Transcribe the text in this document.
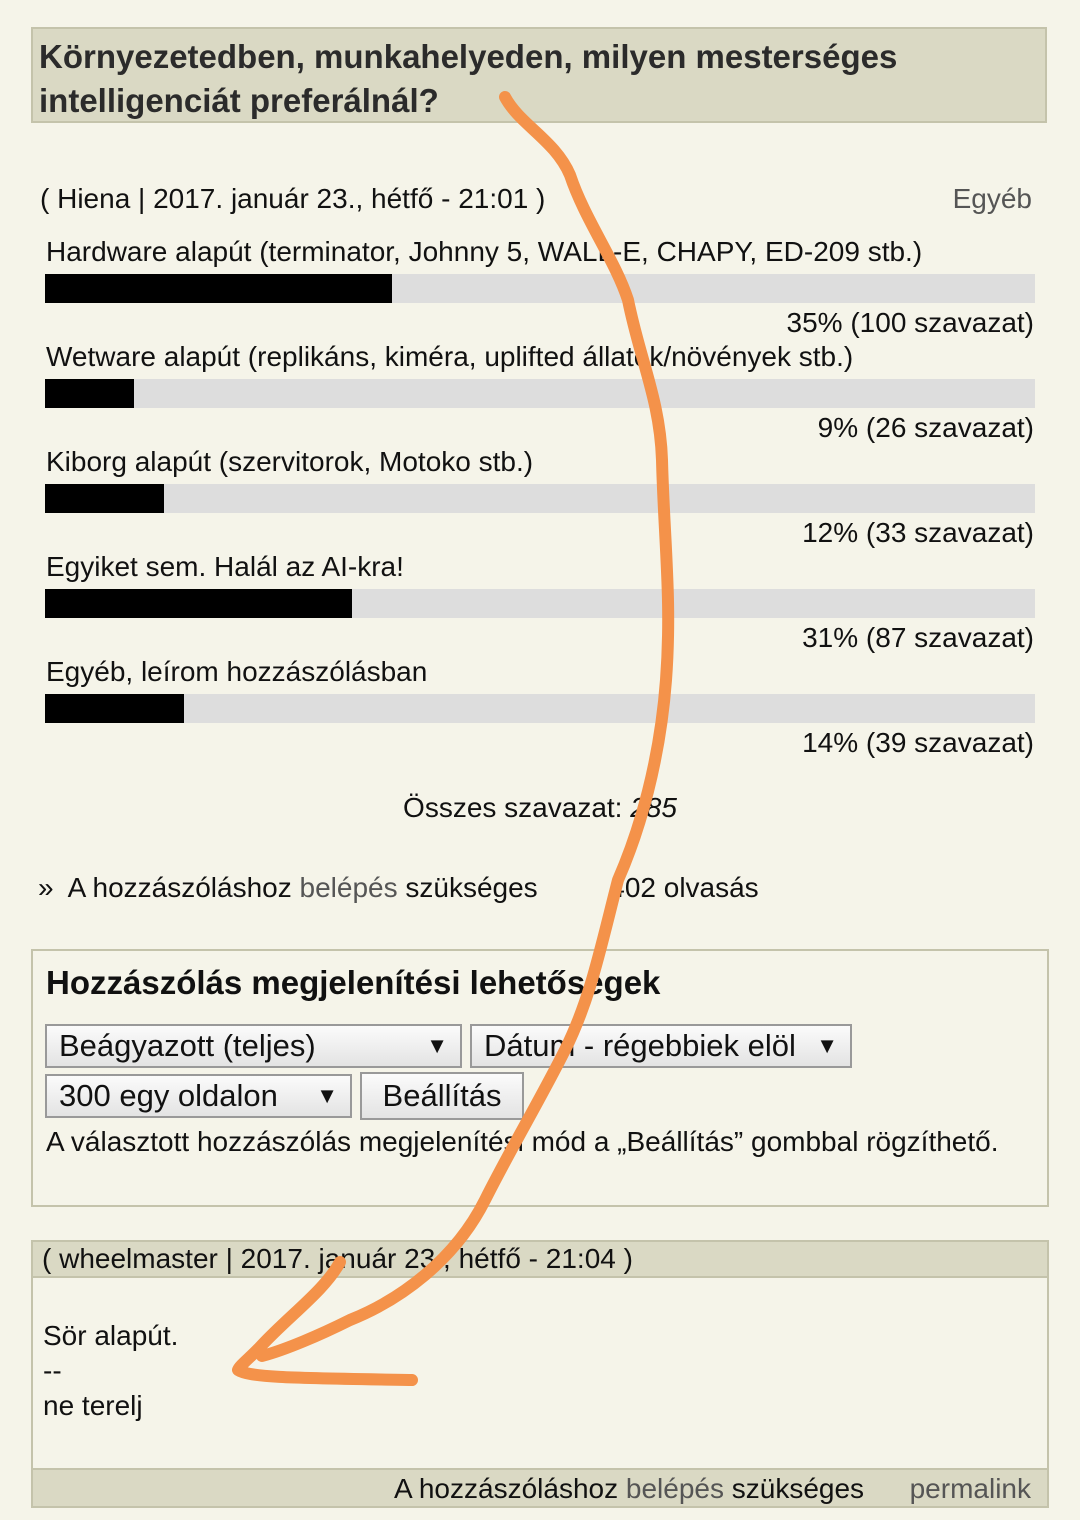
Környezetedben, munkahelyeden, milyen mesterséges intelligenciát preferálnál?
( Hiena | 2017. január 23., hétfő - 21:01 )	Egyéb
Hardware alapút (terminator, Johnny 5, WALL-E, CHAPY, ED-209 stb.)
35% (100 szavazat)
Wetware alapút (replikáns, kiméra, uplifted állatok/növények stb.)
9% (26 szavazat)
Kiborg alapút (szervitorok, Motoko stb.)
12% (33 szavazat)
Egyiket sem. Halál az AI-kra!
31% (87 szavazat)
Egyéb, leírom hozzászólásban
14% (39 szavazat)
Összes szavazat: 285
» A hozzászóláshoz belépés szükséges	402 olvasás
Hozzászólás megjelenítési lehetőségek
Beágyazott (teljes)	▼ Dátum - régebbiek elöl ▼
300 egy oldalon ▼ Beállítás
A választott hozzászólás megjelenítési mód a „Beállítás” gombbal rögzíthető.
( wheelmaster | 2017. január 23., hétfő - 21:04 )
Sör alapút.
--
ne terelj
A hozzászóláshoz belépés szükséges permalink
